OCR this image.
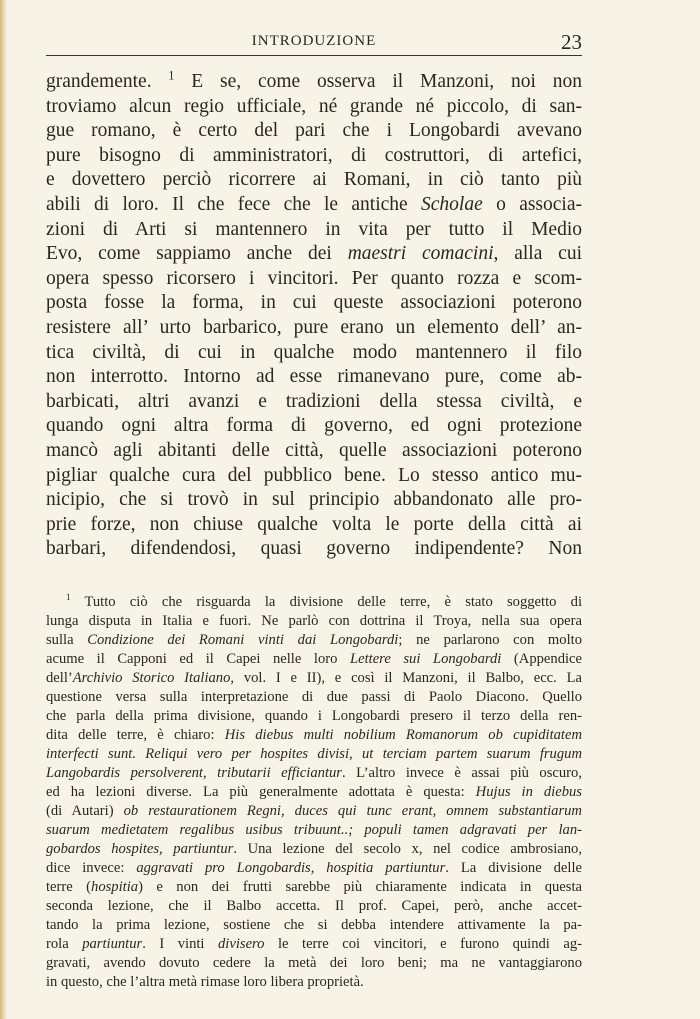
INTRODUZIONE	23
grandemente. $^1$ E se, come osserva il Manzoni, noi non
troviamo alcun regio ufficiale, né grande né piccolo, di san-
gue romano, è certo del pari che i Longobardi avevano
pure bisogno di amministratori, di costruttori, di artefici,
e dovettero perciò ricorrere ai Romani, in ciò tanto più
abili di loro. Il che fece che le antiche Scholae o associa-
zioni di Arti si mantennero in vita per tutto il Medio
Evo, come sappiamo anche dei maestri comacini, alla cui
opera spesso ricorsero i vincitori. Per quanto rozza e scom-
posta fosse la forma, in cui queste associazioni poterono
resistere all’ urto barbarico, pure erano un elemento dell’ an-
tica civiltà, di cui in qualche modo mantennero il filo
non interrotto. Intorno ad esse rimanevano pure, come ab-
barbicati, altri avanzi e tradizioni della stessa civiltà, e
quando ogni altra forma di governo, ed ogni protezione
mancò agli abitanti delle città, quelle associazioni poterono
pigliar qualche cura del pubblico bene. Lo stesso antico mu-
nicipio, che si trovò in sul principio abbandonato alle pro-
prie forze, non chiuse qualche volta le porte della città ai
barbari, difendendosi, quasi governo indipendente? Non
$^1$ Tutto ciò che risguarda la divisione delle terre, è stato soggetto di
lunga disputa in Italia e fuori. Ne parlò con dottrina il Troya, nella sua opera
sulla Condizione dei Romani vinti dai Longobardi; ne parlarono con molto
acume il Capponi ed il Capei nelle loro Lettere sui Longobardi (Appendice
dell’Archivio Storico Italiano, vol. I e II), e così il Manzoni, il Balbo, ecc. La
questione versa sulla interpretazione di due passi di Paolo Diacono. Quello
che parla della prima divisione, quando i Longobardi presero il terzo della ren-
dita delle terre, è chiaro: His diebus multi nobilium Romanorum ob cupiditatem
interfecti sunt. Reliqui vero per hospites divisi, ut terciam partem suarum frugum
Langobardis persolverent, tributarii efficiantur. L’altro invece è assai più oscuro,
ed ha lezioni diverse. La più generalmente adottata è questa: Hujus in diebus
(di Autari) ob restaurationem Regni, duces qui tunc erant, omnem substantiarum
suarum medietatem regalibus usibus tribuunt..; populi tamen adgravati per lan-
gobardos hospites, partiuntur. Una lezione del secolo x, nel codice ambrosiano,
dice invece: aggravati pro Longobardis, hospitia partiuntur. La divisione delle
terre (hospitia) e non dei frutti sarebbe più chiaramente indicata in questa
seconda lezione, che il Balbo accetta. Il prof. Capei, però, anche accet-
tando la prima lezione, sostiene che si debba intendere attivamente la pa-
rola partiuntur. I vinti divisero le terre coi vincitori, e furono quindi ag-
gravati, avendo dovuto cedere la metà dei loro beni; ma ne vantaggiarono
in questo, che l’altra metà rimase loro libera proprietà.
